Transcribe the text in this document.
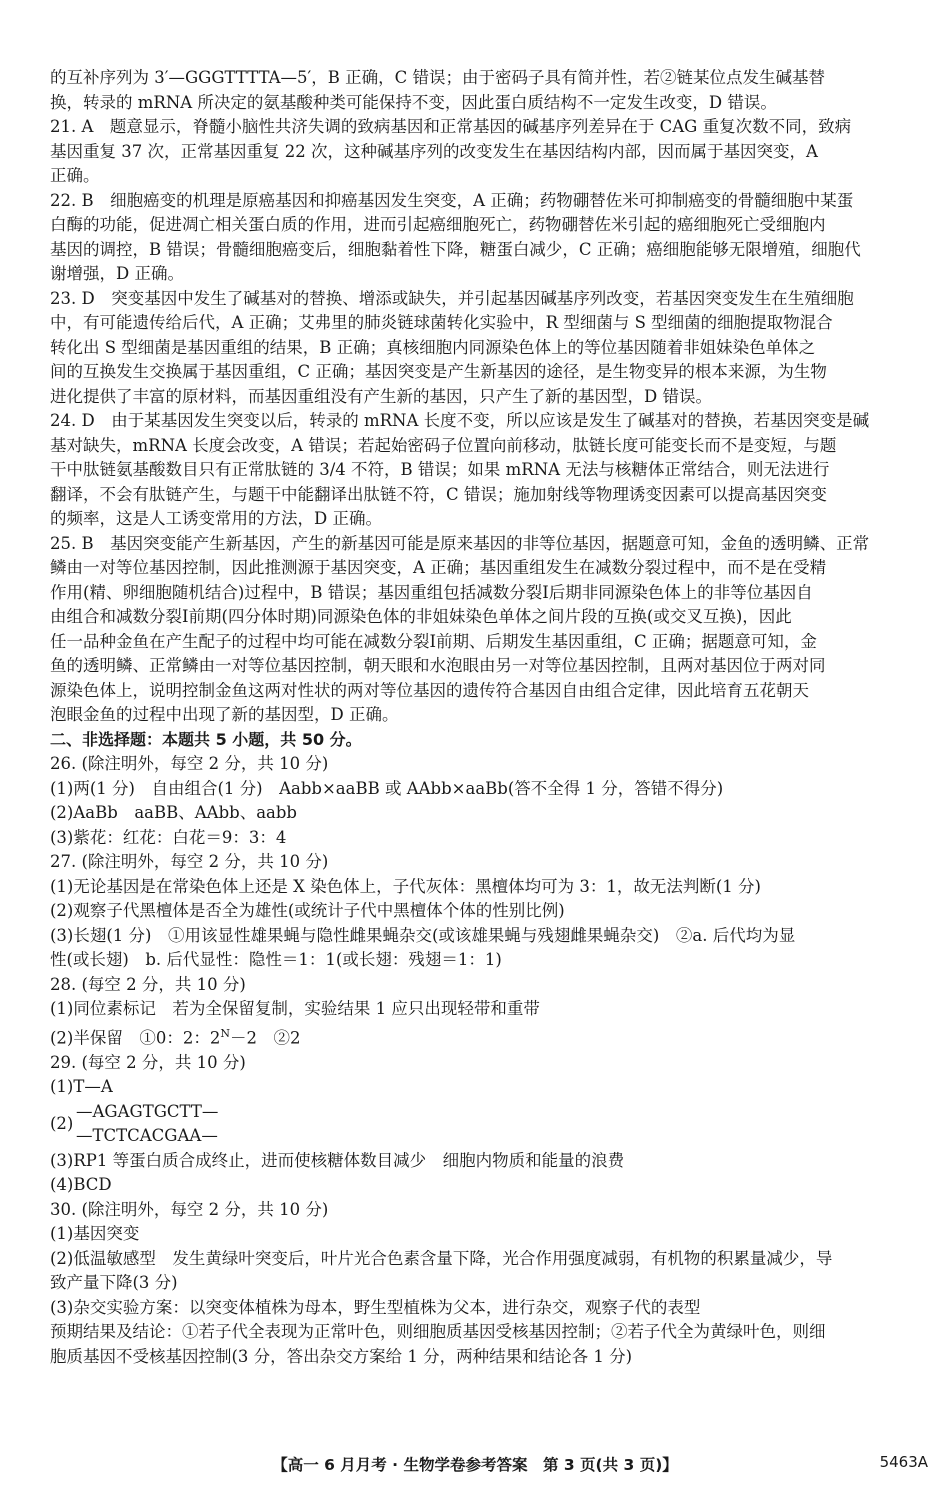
的互补序列为 3′—GGGTTTTA—5′，B 正确，C 错误；由于密码子具有简并性，若②链某位点发生碱基替

换，转录的 mRNA 所决定的氨基酸种类可能保持不变，因此蛋白质结构不一定发生改变，D 错误。

21. A　题意显示，脊髓小脑性共济失调的致病基因和正常基因的碱基序列差异在于 CAG 重复次数不同，致病

基因重复 37 次，正常基因重复 22 次，这种碱基序列的改变发生在基因结构内部，因而属于基因突变，A

正确。

22. B　细胞癌变的机理是原癌基因和抑癌基因发生突变，A 正确；药物硼替佐米可抑制癌变的骨髓细胞中某蛋

白酶的功能，促进凋亡相关蛋白质的作用，进而引起癌细胞死亡，药物硼替佐米引起的癌细胞死亡受细胞内

基因的调控，B 错误；骨髓细胞癌变后，细胞黏着性下降，糖蛋白减少，C 正确；癌细胞能够无限增殖，细胞代

谢增强，D 正确。

23. D　突变基因中发生了碱基对的替换、增添或缺失，并引起基因碱基序列改变，若基因突变发生在生殖细胞

中，有可能遗传给后代，A 正确；艾弗里的肺炎链球菌转化实验中，R 型细菌与 S 型细菌的细胞提取物混合

转化出 S 型细菌是基因重组的结果，B 正确；真核细胞内同源染色体上的等位基因随着非姐妹染色单体之

间的互换发生交换属于基因重组，C 正确；基因突变是产生新基因的途径，是生物变异的根本来源，为生物

进化提供了丰富的原材料，而基因重组没有产生新的基因，只产生了新的基因型，D 错误。

24. D　由于某基因发生突变以后，转录的 mRNA 长度不变，所以应该是发生了碱基对的替换，若基因突变是碱

基对缺失，mRNA 长度会改变，A 错误；若起始密码子位置向前移动，肽链长度可能变长而不是变短，与题

干中肽链氨基酸数目只有正常肽链的 3/4 不符，B 错误；如果 mRNA 无法与核糖体正常结合，则无法进行

翻译，不会有肽链产生，与题干中能翻译出肽链不符，C 错误；施加射线等物理诱变因素可以提高基因突变

的频率，这是人工诱变常用的方法，D 正确。

25. B　基因突变能产生新基因，产生的新基因可能是原来基因的非等位基因，据题意可知，金鱼的透明鳞、正常

鳞由一对等位基因控制，因此推测源于基因突变，A 正确；基因重组发生在减数分裂过程中，而不是在受精

作用(精、卵细胞随机结合)过程中，B 错误；基因重组包括减数分裂Ⅰ后期非同源染色体上的非等位基因自

由组合和减数分裂Ⅰ前期(四分体时期)同源染色体的非姐妹染色单体之间片段的互换(或交叉互换)，因此

任一品种金鱼在产生配子的过程中均可能在减数分裂Ⅰ前期、后期发生基因重组，C 正确；据题意可知，金

鱼的透明鳞、正常鳞由一对等位基因控制，朝天眼和水泡眼由另一对等位基因控制，且两对基因位于两对同

源染色体上，说明控制金鱼这两对性状的两对等位基因的遗传符合基因自由组合定律，因此培育五花朝天

泡眼金鱼的过程中出现了新的基因型，D 正确。

二、非选择题：本题共 5 小题，共 50 分。

26. (除注明外，每空 2 分，共 10 分)

(1)两(1 分)　自由组合(1 分)　Aabb×aaBB 或 AAbb×aaBb(答不全得 1 分，答错不得分)

(2)AaBb　aaBB、AAbb、aabb

(3)紫花：红花：白花＝9：3：4

27. (除注明外，每空 2 分，共 10 分)

(1)无论基因是在常染色体上还是 X 染色体上，子代灰体：黑檀体均可为 3：1，故无法判断(1 分)

(2)观察子代黑檀体是否全为雄性(或统计子代中黑檀体个体的性别比例)

(3)长翅(1 分)　①用该显性雄果蝇与隐性雌果蝇杂交(或该雄果蝇与残翅雌果蝇杂交)　②a. 后代均为显

性(或长翅)　b. 后代显性：隐性＝1：1(或长翅：残翅＝1：1)

28. (每空 2 分，共 10 分)

(1)同位素标记　若为全保留复制，实验结果 1 应只出现轻带和重带

(2)半保留　①0：2：$2^N-2$　②2

29. (每空 2 分，共 10 分)

(1)T—A

(2)
—AGAGTGCTT—
—TCTCACGAA—

(3)RP1 等蛋白质合成终止，进而使核糖体数目减少　细胞内物质和能量的浪费

(4)BCD

30. (除注明外，每空 2 分，共 10 分)

(1)基因突变

(2)低温敏感型　发生黄绿叶突变后，叶片光合色素含量下降，光合作用强度减弱，有机物的积累量减少，导

致产量下降(3 分)

(3)杂交实验方案：以突变体植株为母本，野生型植株为父本，进行杂交，观察子代的表型

预期结果及结论：①若子代全表现为正常叶色，则细胞质基因受核基因控制；②若子代全为黄绿叶色，则细

胞质基因不受核基因控制(3 分，答出杂交方案给 1 分，两种结果和结论各 1 分)

【高一 6 月月考 · 生物学卷参考答案　第 3 页(共 3 页)】	5463A
